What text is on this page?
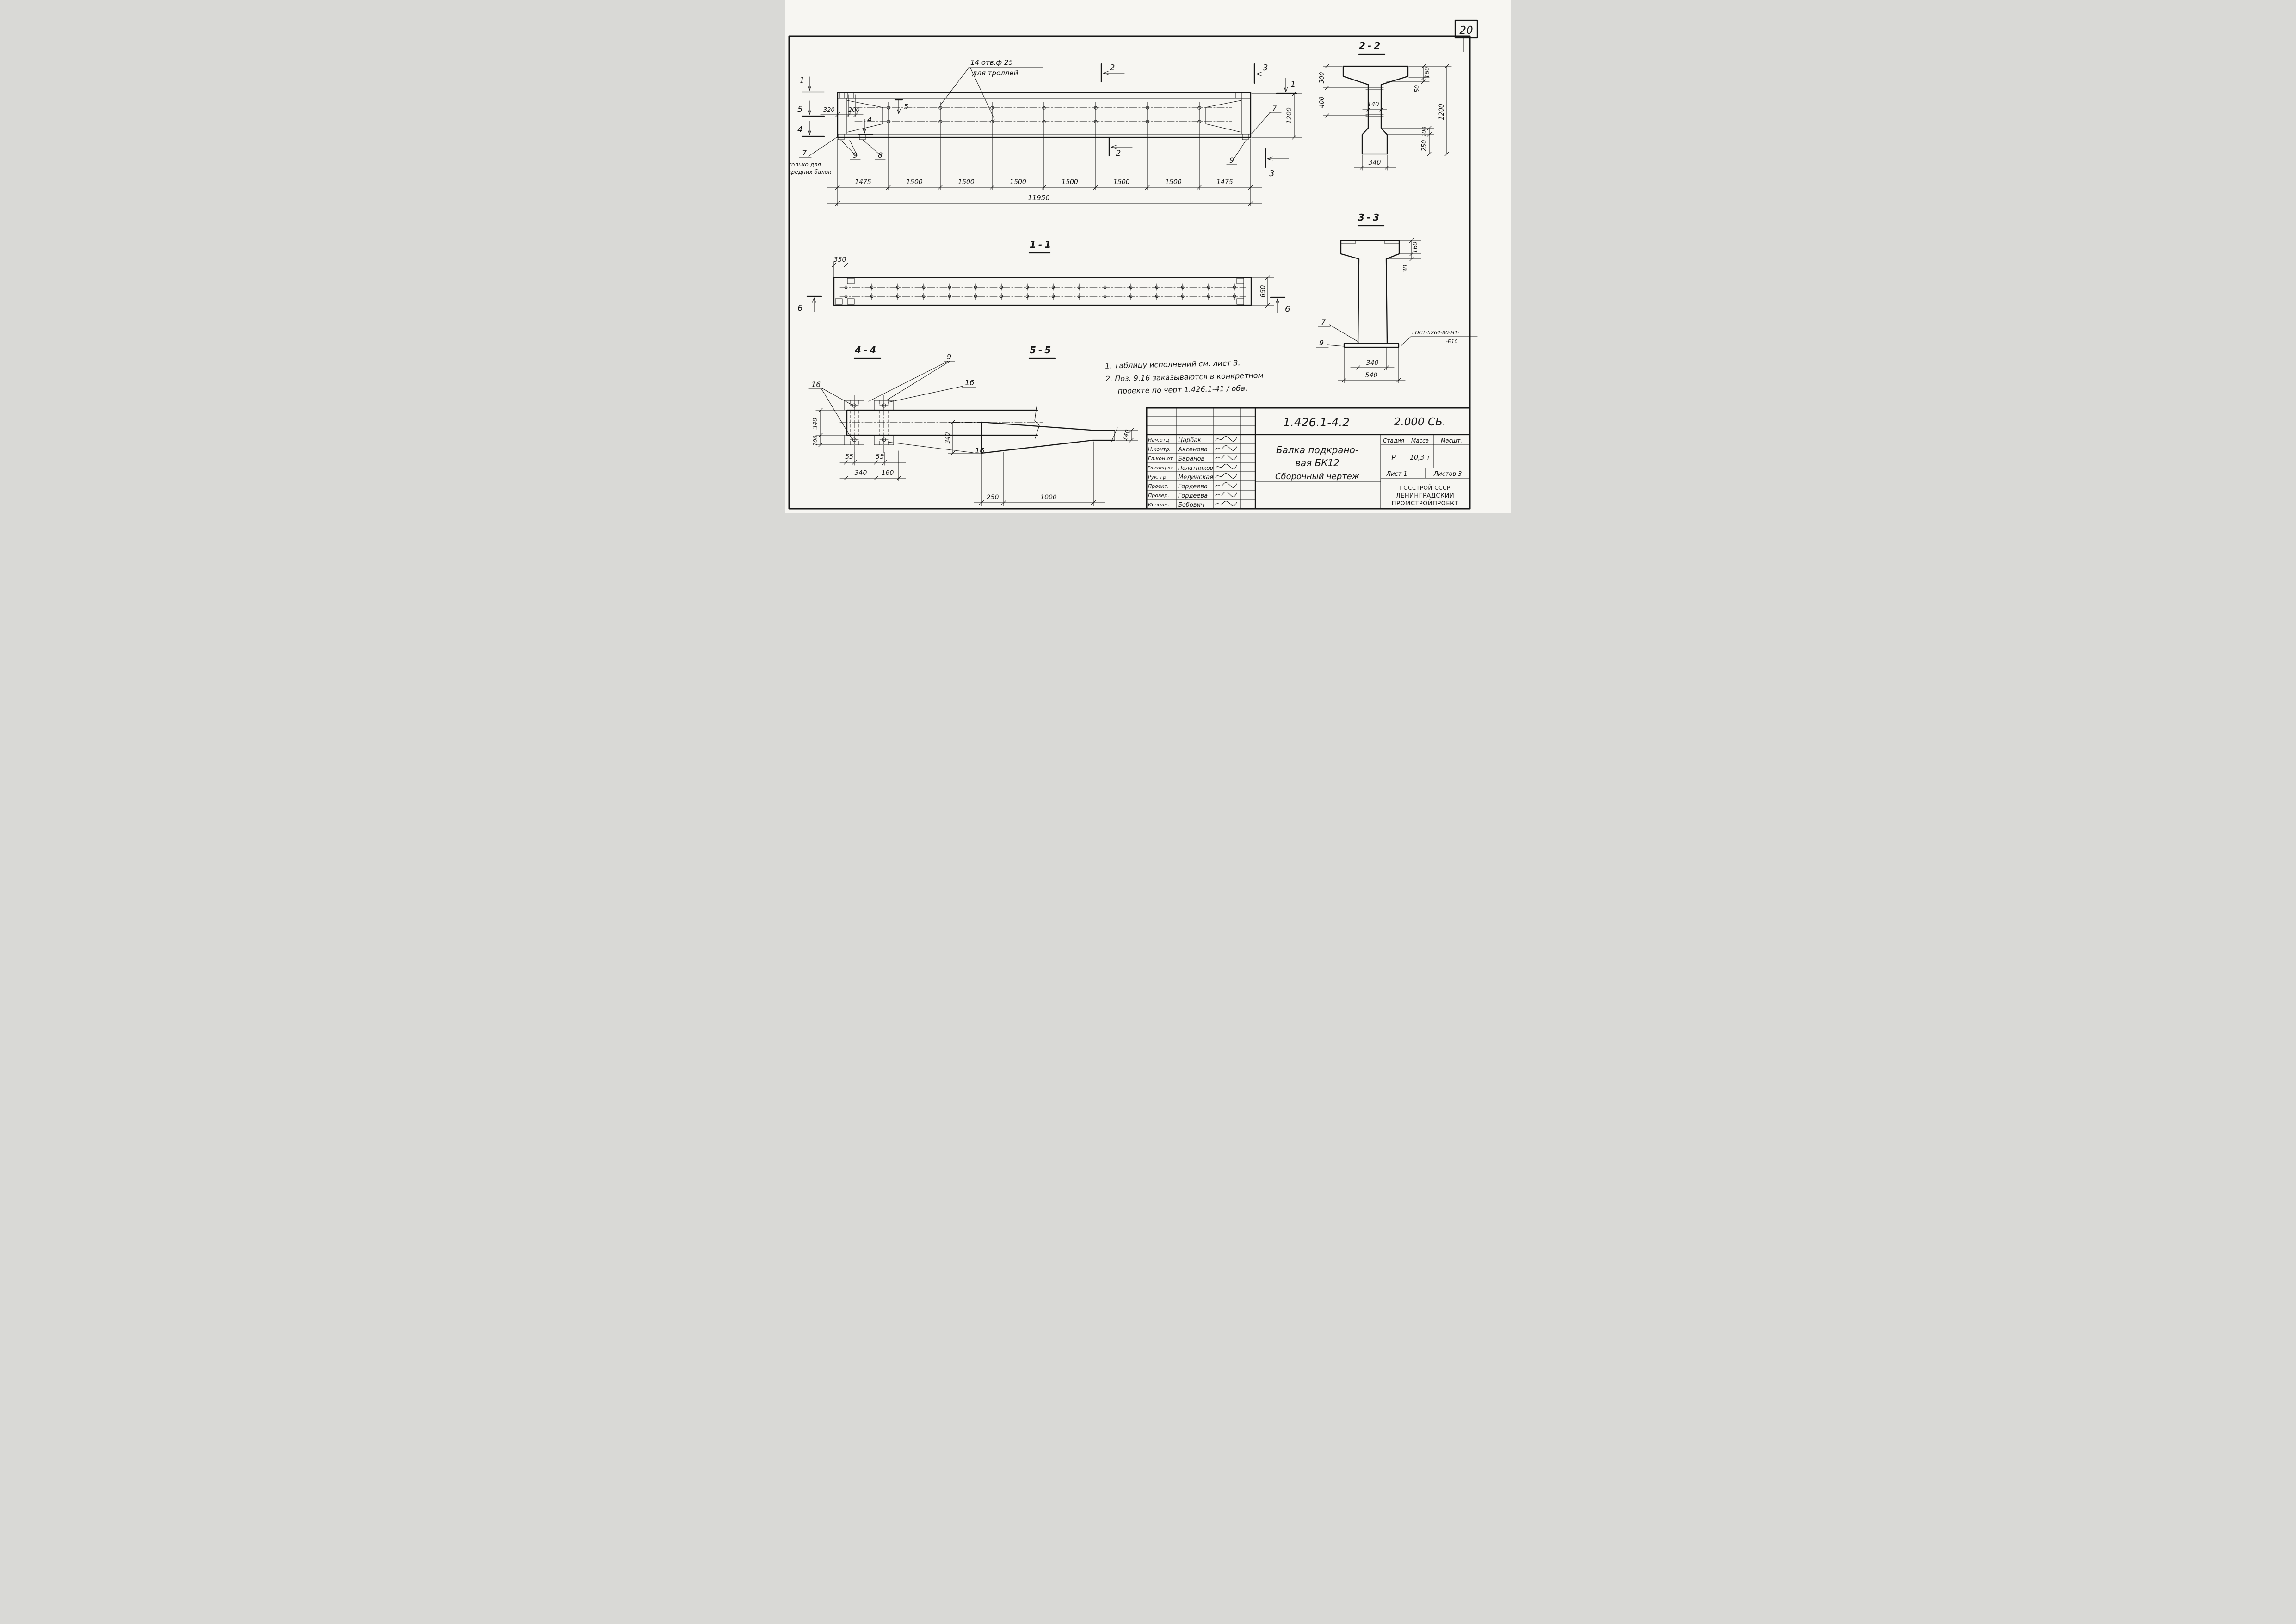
20
14 отв.ф 25
для троллей
1
5
4
5
4
320 200
2
2
3
3
1
7
9
7
только для
средних балок
9	8
1475	1500	1500	1500	1500	1500	1500	1475
11950
1200
1-1
350
650
6	6
2-2
140
300
400
160
50
1200
100
250
340
3-3
160
30
7
9
ГОСТ-5264-80-Н1-
-Б10
340
540
4-4
9
16	16
16
340
100
55	55
340 160
5-5
340	140
250	1000
1. Таблицу исполнений см. лист 3.
2. Поз. 9,16 заказываются в конкретном
проекте по черт 1.426.1-41 / оба.
1.426.1-4.2	2.000 СБ.
Балка подкрано-
вая БК12
Сборочный чертеж
Стадия Масса Масшт.
Р 10,3 т
Лист 1	Листов 3
ГОССТРОЙ СССР
ЛЕНИНГРАДСКИЙ
ПРОМСТРОЙПРОЕКТ
Нач.отд Царбак
Н.контр. Аксенова
Гл.кон.от Баранов
Гл.спец.от Палатников
Рук. гр. Мединская
Проект. Гордеева
Провер. Гордеева
Исполн. Бобович
